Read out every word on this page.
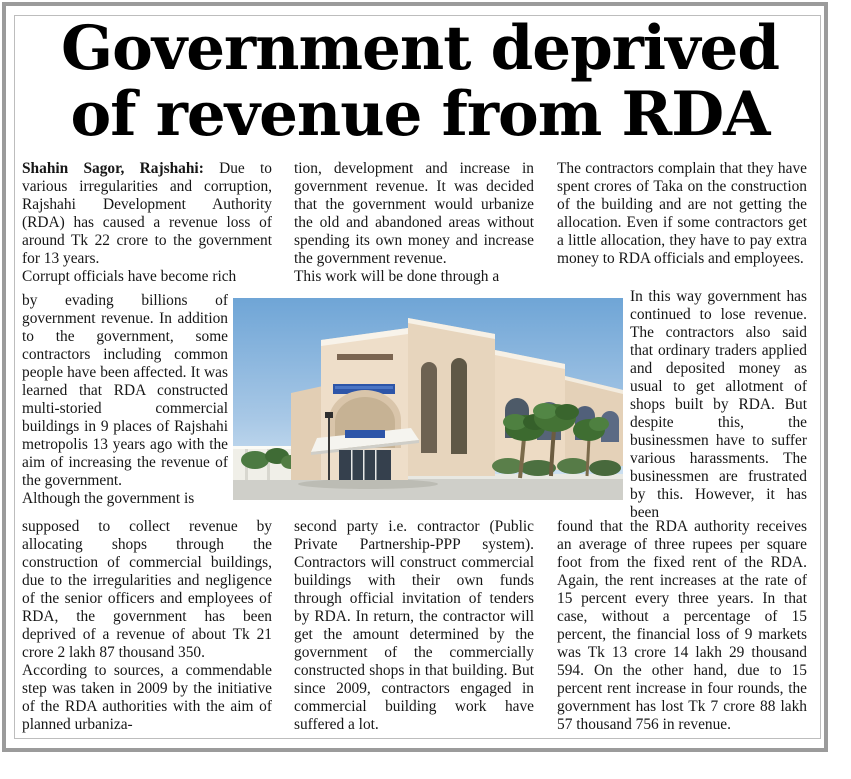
Government deprived
of revenue from RDA

Shahin Sagor, Rajshahi: Due to various irregularities and corruption, Rajshahi Development Authority (RDA) has caused a revenue loss of around Tk 22 crore to the government for 13 years.

Corrupt officials have become rich

by evading billions of government revenue. In addition to the government, some contractors including common people have been affected. It was learned that RDA constructed multi-storied commercial buildings in 9 places of Rajshahi metropolis 13 years ago with the aim of increasing the revenue of the government.

Although the government is

supposed to collect revenue by allocating shops through the construction of commercial buildings, due to the irregularities and negligence of the senior officers and employees of RDA, the government has been deprived of a revenue of about Tk 21 crore 2 lakh 87 thousand 350.

According to sources, a commendable step was taken in 2009 by the initiative of the RDA authorities with the aim of planned urbaniza-

tion, development and increase in government revenue. It was decided that the government would urbanize the old and abandoned areas without spending its own money and increase the government revenue.

This work will be done through a

second party i.e. contractor (Public Private Partnership-PPP system). Contractors will construct commercial buildings with their own funds through official invitation of tenders by RDA. In return, the contractor will get the amount determined by the government of the commercially constructed shops in that building. But since 2009, contractors engaged in commercial building work have suffered a lot.

The contractors complain that they have spent crores of Taka on the construction of the building and are not getting the allocation. Even if some contractors get a little allocation, they have to pay extra money to RDA officials and employees.

In this way government has continued to lose revenue. The contractors also said that ordinary traders applied and deposited money as usual to get allotment of shops built by RDA. But despite this, the businessmen have to suffer various harassments. The businessmen are frustrated by this. However, it has been

found that the RDA authority receives an average of three rupees per square foot from the fixed rent of the RDA. Again, the rent increases at the rate of 15 percent every three years. In that case, without a percentage of 15 percent, the financial loss of 9 markets was Tk 13 crore 14 lakh 29 thousand 594. On the other hand, due to 15 percent rent increase in four rounds, the government has lost Tk 7 crore 88 lakh 57 thousand 756 in revenue.
